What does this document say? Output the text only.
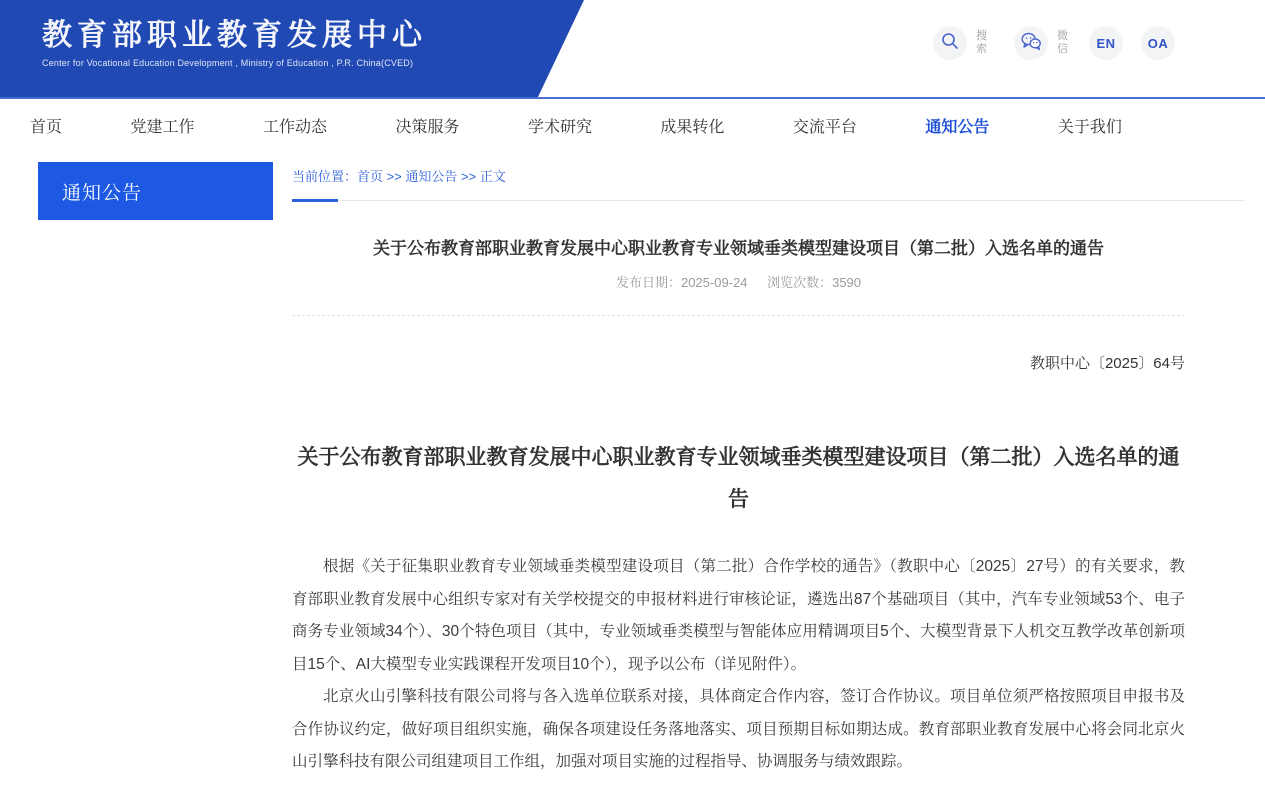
教育部职业教育发展中心
Center for Vocational Education Development , Ministry of Education , P.R. China(CVED)
搜索
微信 EN OA
首页	党建工作	工作动态	决策服务	学术研究	成果转化	交流平台	通知公告	关于我们
通知公告
当前位置：首页 >> 通知公告 >> 正文
关于公布教育部职业教育发展中心职业教育专业领域垂类模型建设项目（第二批）入选名单的通告
发布日期：2025-09-24 浏览次数：3590
教职中心〔2025〕64号
关于公布教育部职业教育发展中心职业教育专业领域垂类模型建设项目（第二批）入选名单的通告

根据《关于征集职业教育专业领域垂类模型建设项目（第二批）合作学校的通告》（教职中心〔2025〕27号）的有关要求，教育部职业教育发展中心组织专家对有关学校提交的申报材料进行审核论证，遴选出87个基础项目（其中，汽车专业领域53个、电子商务专业领域34个）、30个特色项目（其中，专业领域垂类模型与智能体应用精调项目5个、大模型背景下人机交互教学改革创新项目15个、AI大模型专业实践课程开发项目10个），现予以公布（详见附件）。

北京火山引擎科技有限公司将与各入选单位联系对接，具体商定合作内容，签订合作协议。项目单位须严格按照项目申报书及合作协议约定，做好项目组织实施，确保各项建设任务落地落实、项目预期目标如期达成。教育部职业教育发展中心将会同北京火山引擎科技有限公司组建项目工作组，加强对项目实施的过程指导、协调服务与绩效跟踪。
